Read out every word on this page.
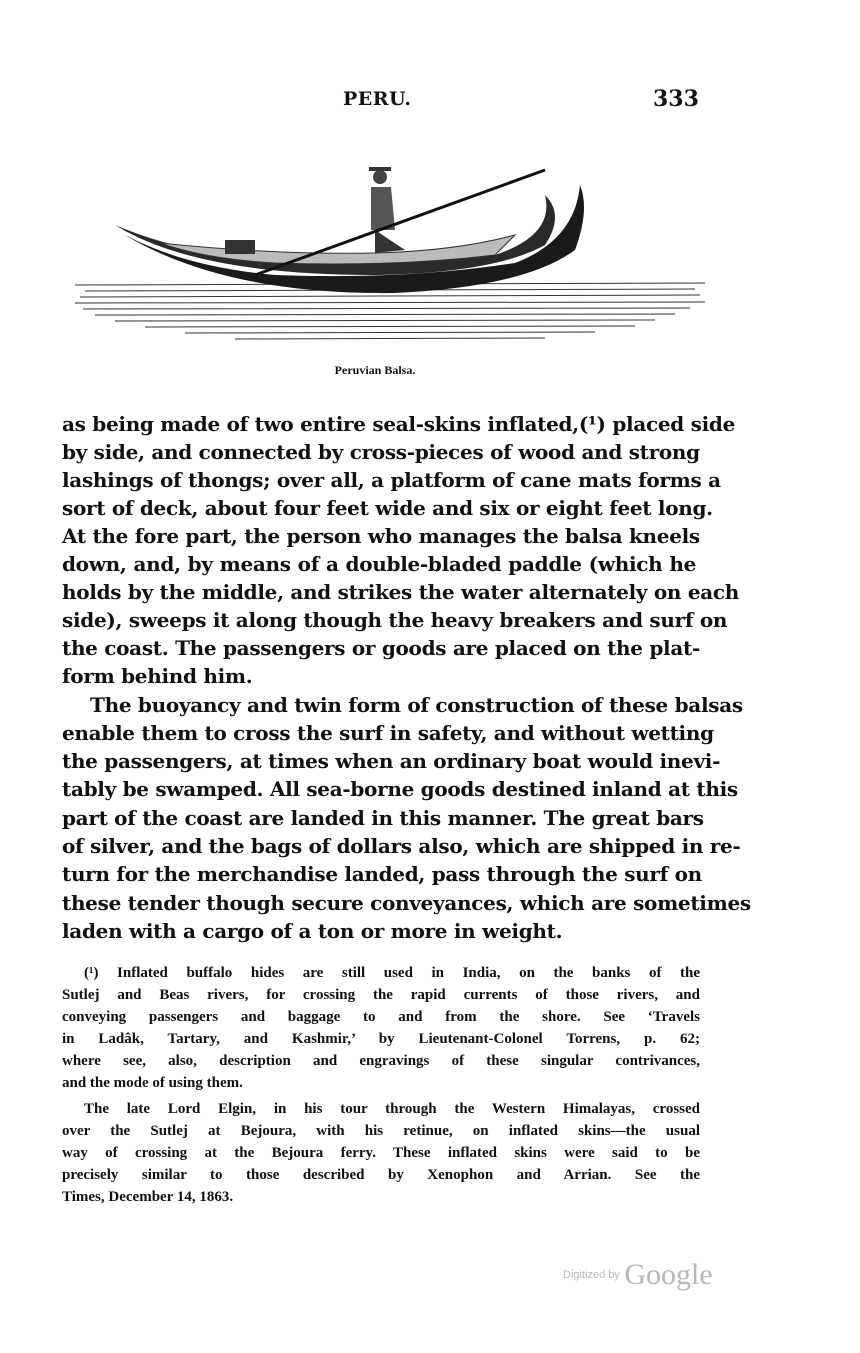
PERU.	333
Peruvian Balsa.
as being made of two entire seal-skins inflated,(¹) placed side
by side, and connected by cross-pieces of wood and strong
lashings of thongs; over all, a platform of cane mats forms a
sort of deck, about four feet wide and six or eight feet long.
At the fore part, the person who manages the balsa kneels
down, and, by means of a double-bladed paddle (which he
holds by the middle, and strikes the water alternately on each
side), sweeps it along though the heavy breakers and surf on
the coast. The passengers or goods are placed on the plat-
form behind him.
The buoyancy and twin form of construction of these balsas
enable them to cross the surf in safety, and without wetting
the passengers, at times when an ordinary boat would inevi-
tably be swamped. All sea-borne goods destined inland at this
part of the coast are landed in this manner. The great bars
of silver, and the bags of dollars also, which are shipped in re-
turn for the merchandise landed, pass through the surf on
these tender though secure conveyances, which are sometimes
laden with a cargo of a ton or more in weight.
(¹) Inflated buffalo hides are still used in India, on the banks of the
Sutlej and Beas rivers, for crossing the rapid currents of those rivers, and
conveying passengers and baggage to and from the shore. See ‘Travels
in Ladâk, Tartary, and Kashmir,’ by Lieutenant-Colonel Torrens, p. 62;
where see, also, description and engravings of these singular contrivances,
and the mode of using them.
The late Lord Elgin, in his tour through the Western Himalayas, crossed
over the Sutlej at Bejoura, with his retinue, on inflated skins—the usual
way of crossing at the Bejoura ferry. These inflated skins were said to be
precisely similar to those described by Xenophon and Arrian. See the
Times, December 14, 1863.
Digitized by Google
